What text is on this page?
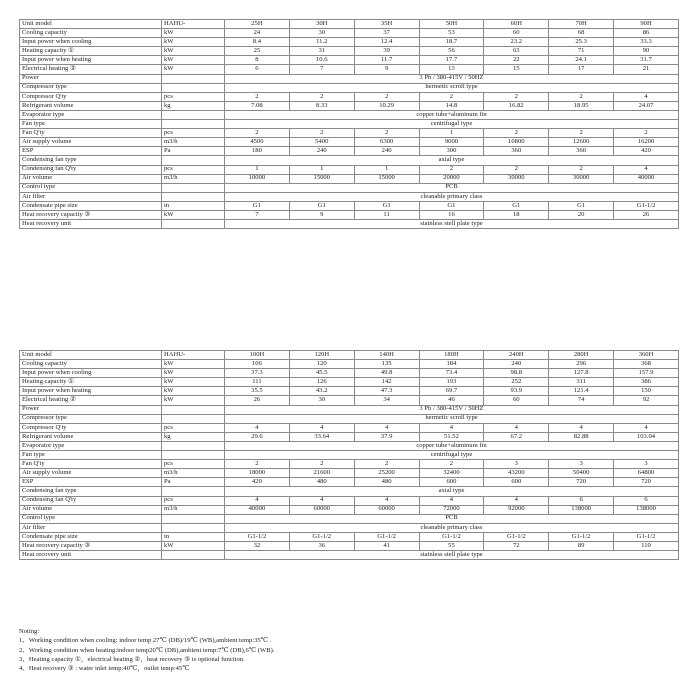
Unit model	HAHU-	25H	30H	35H	50H	60H	70H	90H
Cooling capacity	kW	24	30	37	53	60	68	86
Input power when cooling	kW	8.4	11.2	12.4	18.7	23.2	25.3	33.3
Heating capacity ①	kW	25	31	39	56	63	71	90
Input power when heating	kW	8	10.6	11.7	17.7	22	24.1	31.7
Electrical heating ②	kW	6	7	9	13	15	17	21
Power		3 Ph / 380-415V / 50HZ						
Compressor type		hermetic scroll type						
Compressor Q'ty	pcs	2	2	2	2	2	2	4
Refrigerant volume	kg	7.08	8.33	10.29	14.8	16.82	18.95	24.07
Evaporator type		copper tube+aluminum fin						
Fan type		centrifugal type						
Fan Q'ty	pcs	2	2	2	1	2	2	2
Air supply volume	m3/h	4500	5400	6300	9000	10800	12600	16200
ESP	Pa	180	240	240	300	360	360	420
Condensing fan type		axial type						
Condensing fan Q'ty	pcs	1	1	1	2	2	2	4
Air volume	m3/h	10000	15000	15000	20000	30000	30000	40000
Control type		PCB						
Air filter		cleanable primary class						
Condensate pipe size	in	G1	G1	G1	G1	G1	G1	G1-1/2
Heat recovery capacity ③	kW	7	9	11	16	18	20	26
Heat recovery unit		stainless stell plate type						
Unit model	HAHU-	100H	120H	140H	180H	240H	280H	360H
Cooling capacity	kW	106	120	135	184	240	296	368
Input power when cooling	kW	37.3	45.5	49.8	73.4	98.8	127.8	157.9
Heating capacity ①	kW	111	126	142	193	252	311	386
Input power when heating	kW	35.5	43.2	47.3	69.7	93.9	121.4	150
Electrical heating ②	kW	26	30	34	46	60	74	92
Power		3 Ph / 380-415V / 50HZ						
Compressor type		hermetic scroll type						
Compressor Q'ty	pcs	4	4	4	4	4	4	4
Refrigerant volume	kg	29.6	33.64	37.9	51.52	67.2	82.88	103.04
Evaporator type		copper tube+aluminum fin						
Fan type		centrifugal type						
Fan Q'ty	pcs	2	2	2	2	3	3	3
Air supply volume	m3/h	18000	21600	25200	32400	43200	50400	64800
ESP	Pa	420	480	480	600	600	720	720
Condensing fan type		axial type						
Condensing fan Q'ty	pcs	4	4	4	4	4	6	6
Air volume	m3/h	40000	60000	60000	72000	92000	138000	138000
Control type		PCB						
Air filter		cleanable primary class						
Condensate pipe size	in	G1-1/2	G1-1/2	G1-1/2	G1-1/2	G1-1/2	G1-1/2	G1-1/2
Heat recovery capacity ③	kW	32	36	41	55	72	89	110
Heat recovery unit		stainless stell plate type						
Noting:
1、Working condition when cooling: indoor temp 27℃ (DB)/19℃ (WB),ambient temp:35℃ .
2、Working condition when heating:indoor temp20℃ (DB),ambient temp:7℃ (DB),6℃ (WB).
3、Heating capacity ①，electrical heating ②，heat recovery ③ is optional function.
4、Heat recovery ③ : water inlet temp:40℃，outlet temp:45℃
